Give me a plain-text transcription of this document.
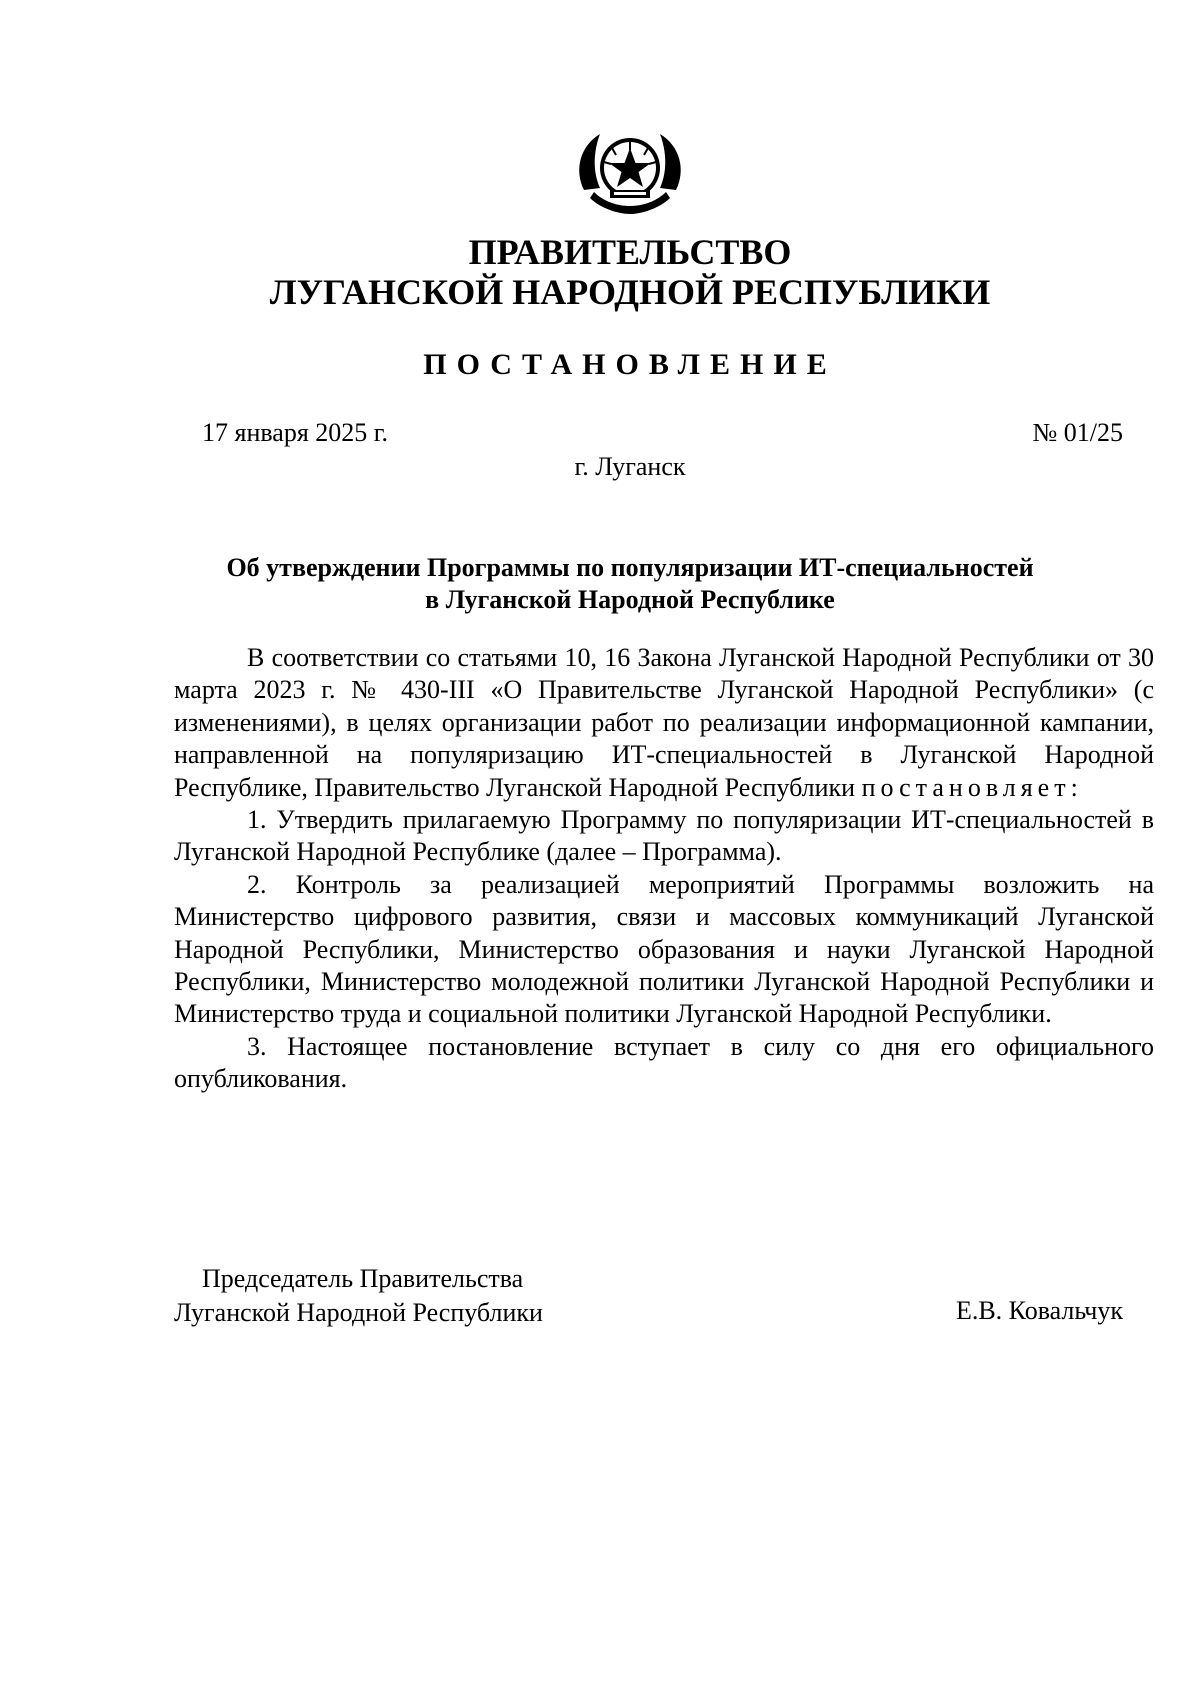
ПРАВИТЕЛЬСТВО
ЛУГАНСКОЙ НАРОДНОЙ РЕСПУБЛИКИ
ПОСТАНОВЛЕНИЕ
17 января 2025 г.	№ 01/25
г. Луганск
Об утверждении Программы по популяризации ИТ-специальностей
в Луганской Народной Республике

В соответствии со статьями 10, 16 Закона Луганской Народной Республики от 30 марта 2023 г. № 430-III «О Правительстве Луганской Народной Республики» (с изменениями), в целях организации работ по реализации информационной кампании, направленной на популяризацию ИТ-специальностей в Луганской Народной Республике, Правительство Луганской Народной Республики постановляет:

1. Утвердить прилагаемую Программу по популяризации ИТ-специальностей в Луганской Народной Республике (далее – Программа).

2. Контроль за реализацией мероприятий Программы возложить на Министерство цифрового развития, связи и массовых коммуникаций Луганской Народной Республики, Министерство образования и науки Луганской Народной Республики, Министерство молодежной политики Луганской Народной Республики и Министерство труда и социальной политики Луганской Народной Республики.

3. Настоящее постановление вступает в силу со дня его официального опубликования.

Председатель Правительства
Луганской Народной Республики	Е.В. Ковальчук
